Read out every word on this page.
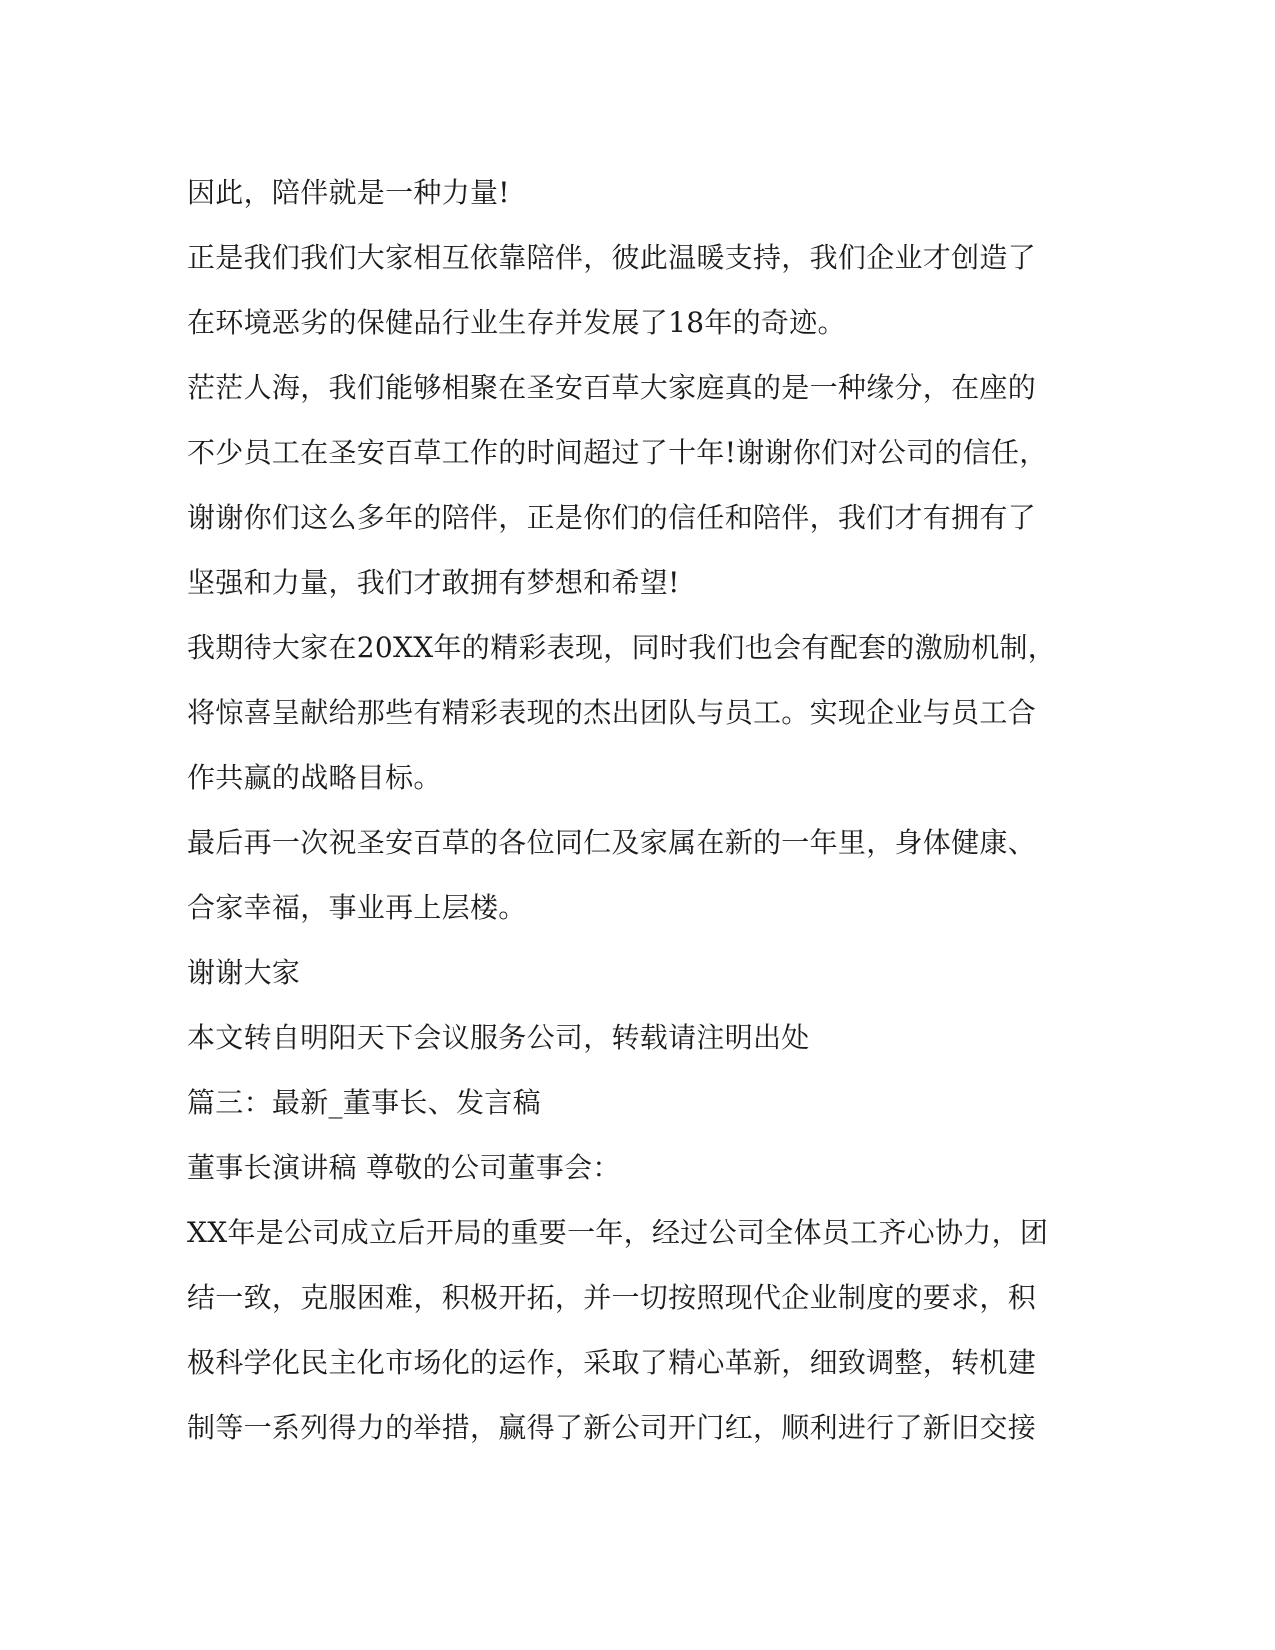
因此，陪伴就是一种力量!
正是我们我们大家相互依靠陪伴，彼此温暖支持，我们企业才创造了
在环境恶劣的保健品行业生存并发展了18年的奇迹。
茫茫人海，我们能够相聚在圣安百草大家庭真的是一种缘分，在座的
不少员工在圣安百草工作的时间超过了十年!谢谢你们对公司的信任，
谢谢你们这么多年的陪伴，正是你们的信任和陪伴，我们才有拥有了
坚强和力量，我们才敢拥有梦想和希望!
我期待大家在20XX年的精彩表现，同时我们也会有配套的激励机制，
将惊喜呈献给那些有精彩表现的杰出团队与员工。实现企业与员工合
作共赢的战略目标。
最后再一次祝圣安百草的各位同仁及家属在新的一年里，身体健康、
合家幸福，事业再上层楼。
谢谢大家
本文转自明阳天下会议服务公司，转载请注明出处
篇三：最新_董事长、发言稿
董事长演讲稿 尊敬的公司董事会：
XX年是公司成立后开局的重要一年，经过公司全体员工齐心协力，团
结一致，克服困难，积极开拓，并一切按照现代企业制度的要求，积
极科学化民主化市场化的运作，采取了精心革新，细致调整，转机建
制等一系列得力的举措，赢得了新公司开门红，顺利进行了新旧交接
